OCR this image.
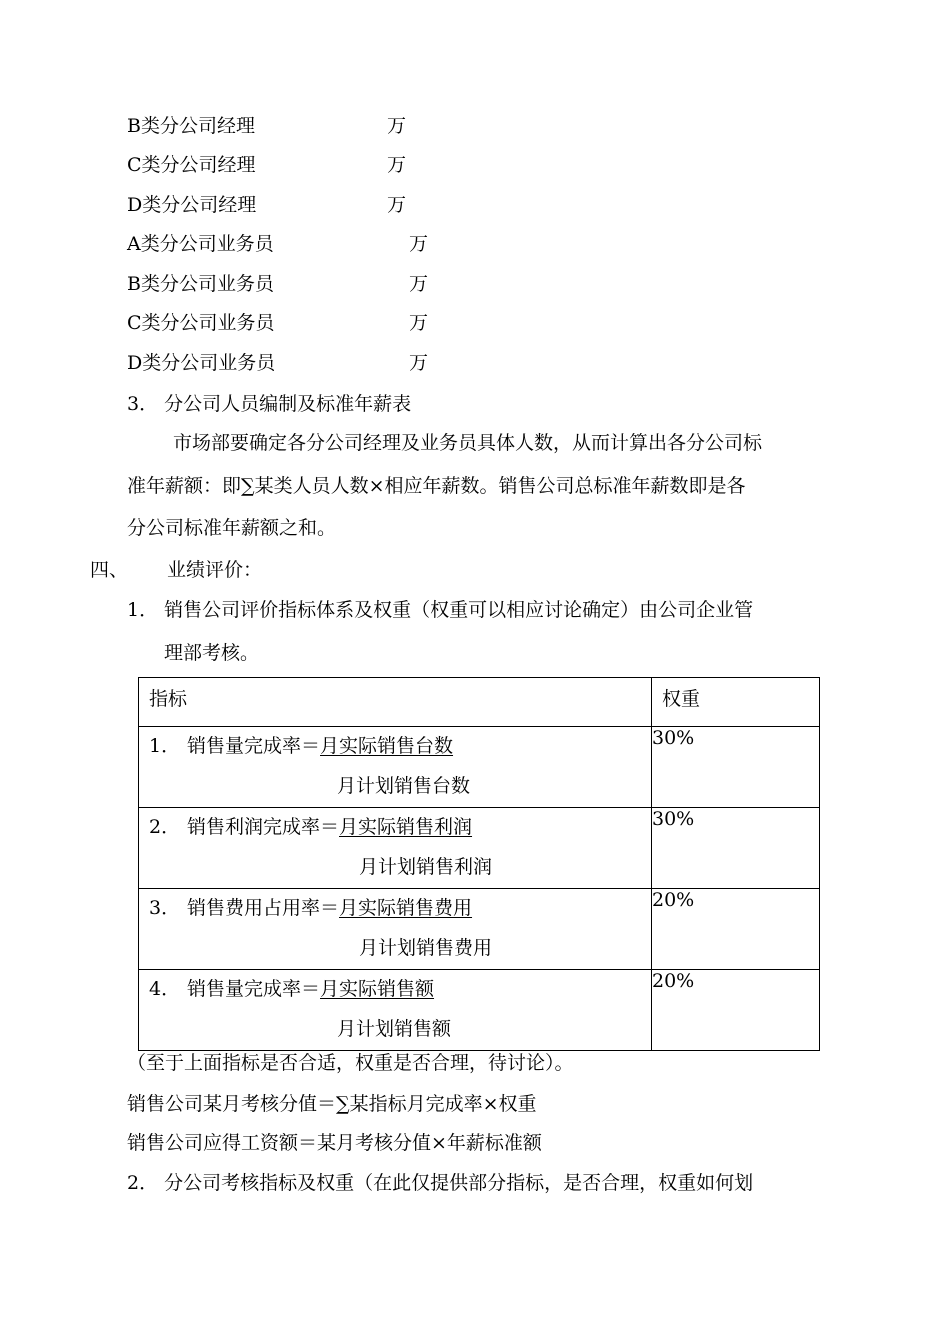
B类分公司经理	万
C类分公司经理	万
D类分公司经理	万
A类分公司业务员	万
B类分公司业务员	万
C类分公司业务员	万
D类分公司业务员	万
3． 分公司人员编制及标准年薪表
市场部要确定各分公司经理及业务员具体人数，从而计算出各分公司标
准年薪额：即∑某类人员人数×相应年薪数。销售公司总标准年薪数即是各
分公司标准年薪额之和。
四、 业绩评价：
1． 销售公司评价指标体系及权重（权重可以相应讨论确定）由公司企业管
理部考核。
指标	权重

1． 销售量完成率＝月实际销售台数
月计划销售台数	30%

2． 销售利润完成率＝月实际销售利润
月计划销售利润	30%

3． 销售费用占用率＝月实际销售费用
月计划销售费用	20%

4． 销售量完成率＝月实际销售额
月计划销售额	20%
（至于上面指标是否合适，权重是否合理，待讨论）。
销售公司某月考核分值＝∑某指标月完成率×权重
销售公司应得工资额＝某月考核分值×年薪标准额
2． 分公司考核指标及权重（在此仅提供部分指标，是否合理，权重如何划
